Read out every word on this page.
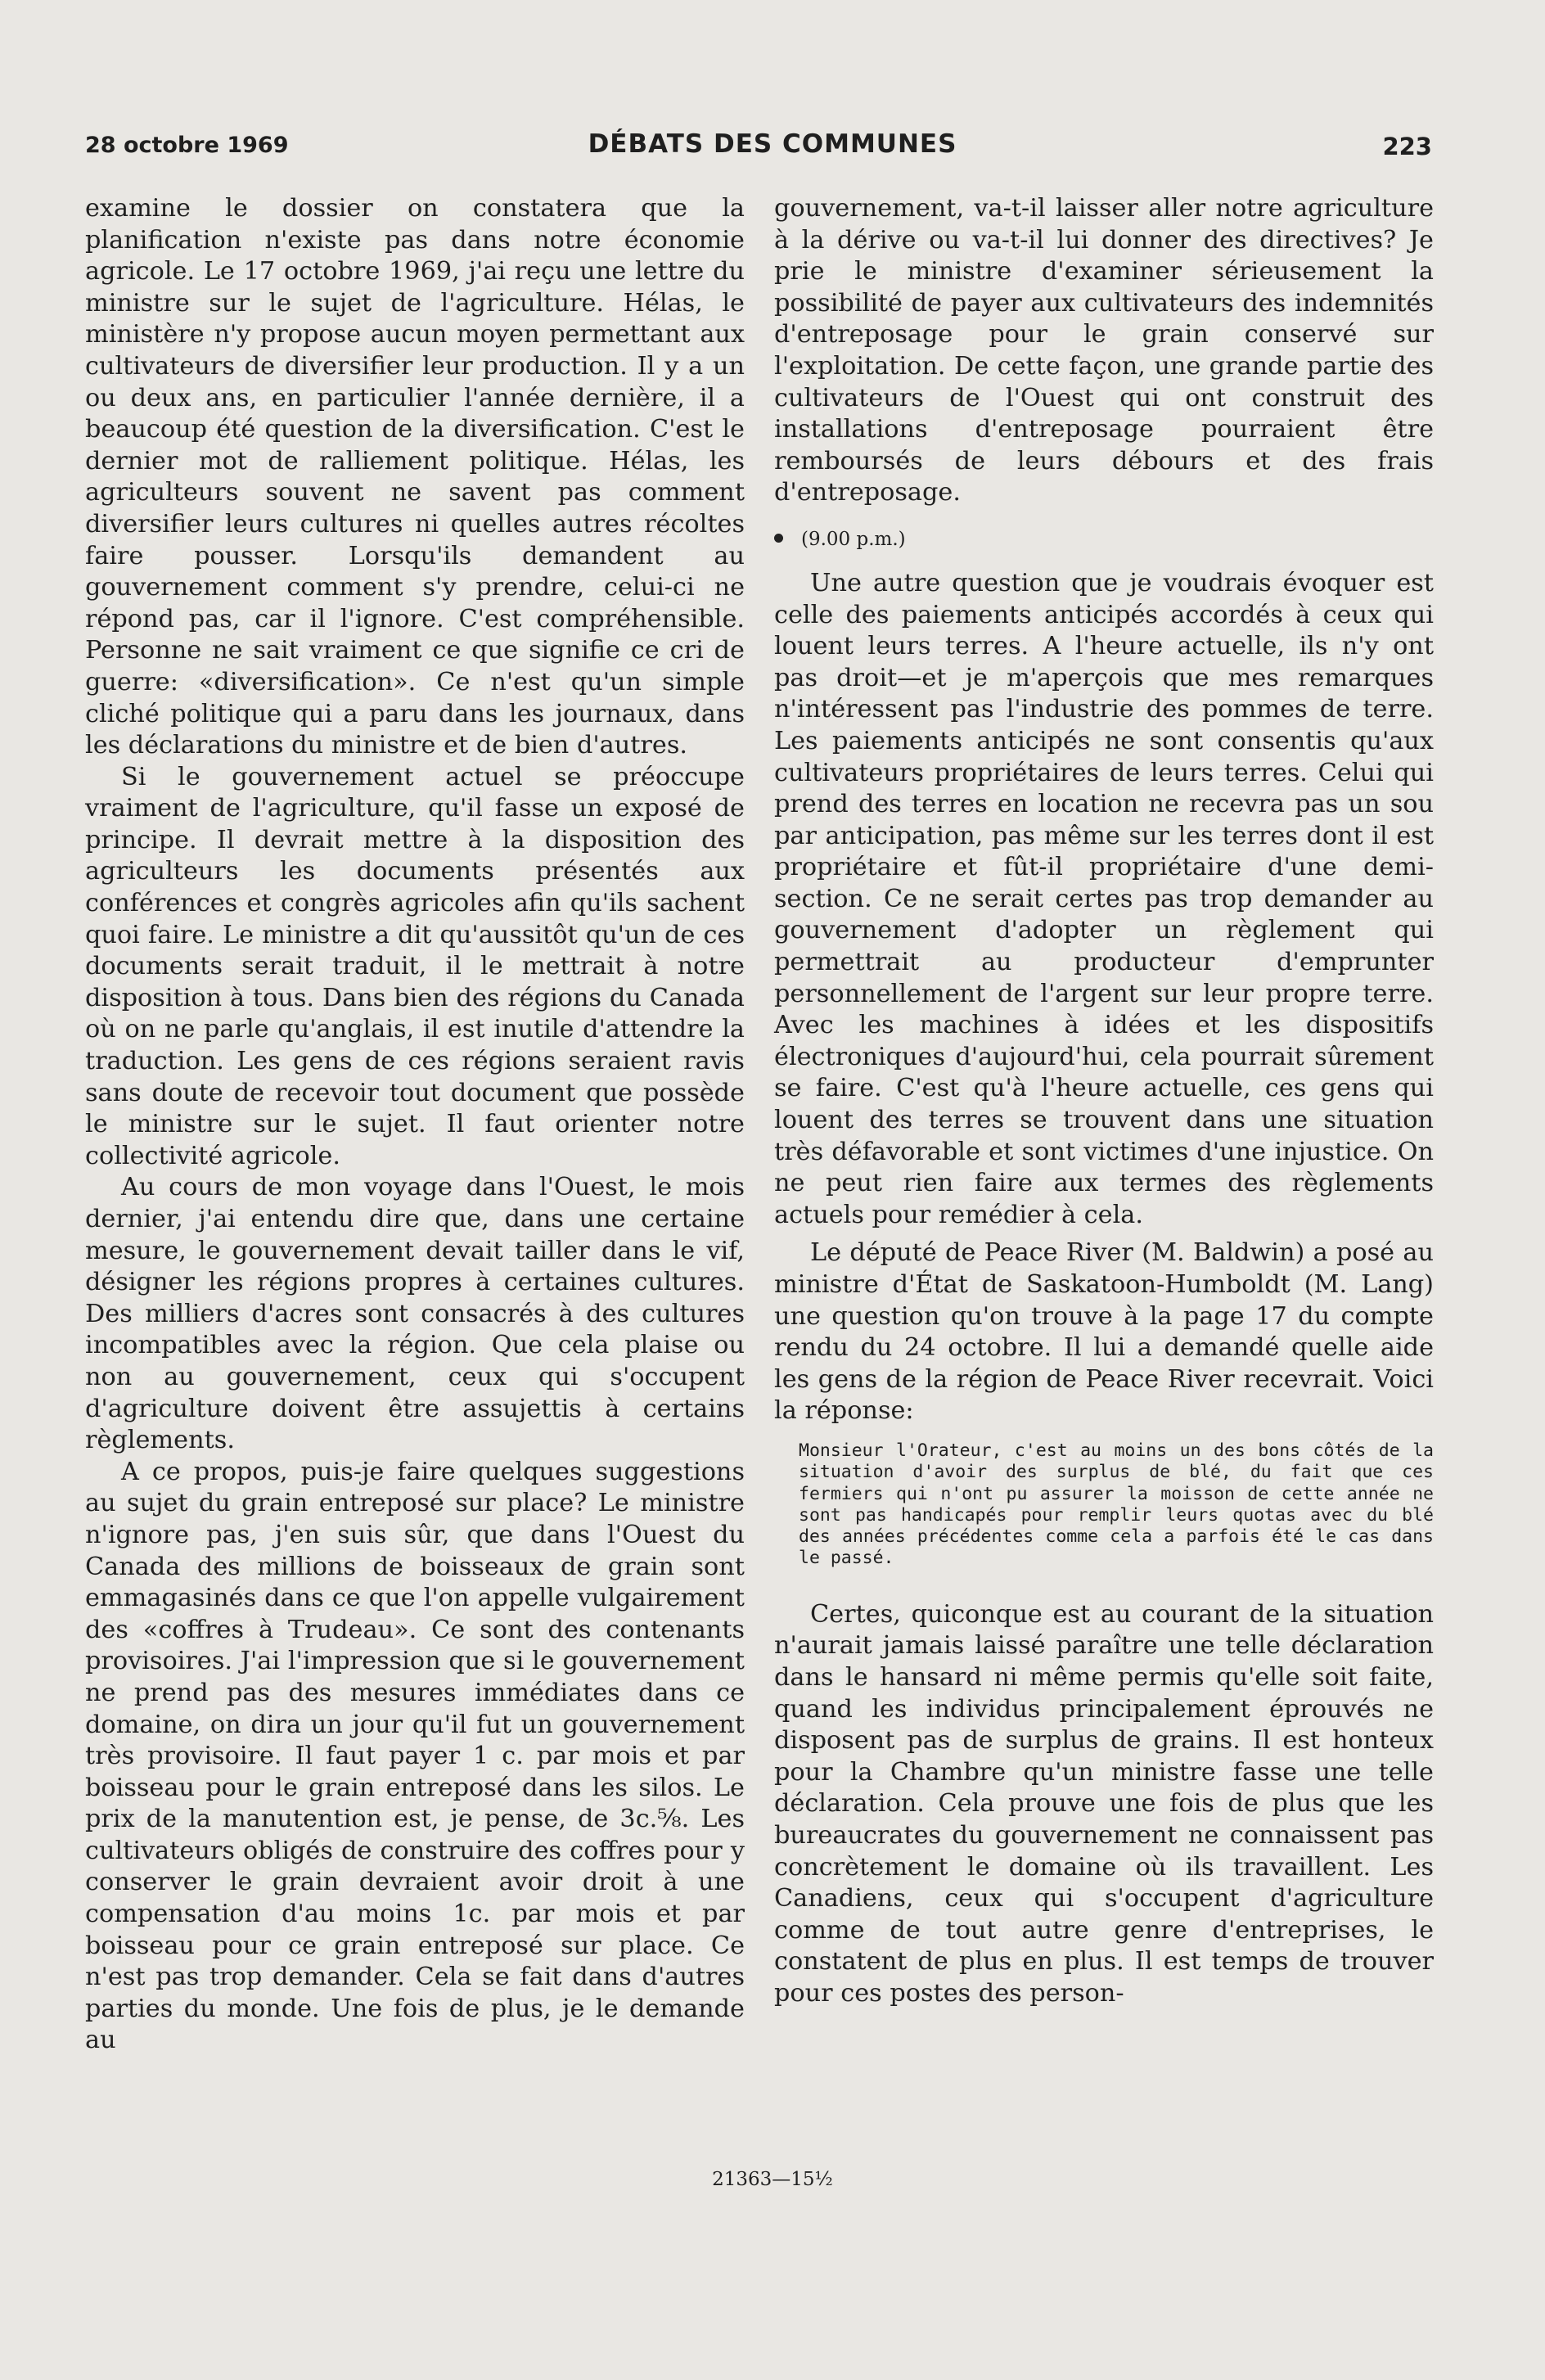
28 octobre 1969	DÉBATS DES COMMUNES	223

examine le dossier on constatera que la planification n'existe pas dans notre économie agricole. Le 17 octobre 1969, j'ai reçu une lettre du ministre sur le sujet de l'agriculture. Hélas, le ministère n'y propose aucun moyen permettant aux cultivateurs de diversifier leur production. Il y a un ou deux ans, en particulier l'année dernière, il a beaucoup été question de la diversification. C'est le dernier mot de ralliement politique. Hélas, les agriculteurs souvent ne savent pas comment diversifier leurs cultures ni quelles autres récoltes faire pousser. Lorsqu'ils demandent au gouvernement comment s'y prendre, celui-ci ne répond pas, car il l'ignore. C'est compréhensible. Personne ne sait vraiment ce que signifie ce cri de guerre: «diversification». Ce n'est qu'un simple cliché politique qui a paru dans les journaux, dans les déclarations du ministre et de bien d'autres.

Si le gouvernement actuel se préoccupe vraiment de l'agriculture, qu'il fasse un exposé de principe. Il devrait mettre à la disposition des agriculteurs les documents présentés aux conférences et congrès agricoles afin qu'ils sachent quoi faire. Le ministre a dit qu'aussitôt qu'un de ces documents serait traduit, il le mettrait à notre disposition à tous. Dans bien des régions du Canada où on ne parle qu'anglais, il est inutile d'attendre la traduction. Les gens de ces régions seraient ravis sans doute de recevoir tout document que possède le ministre sur le sujet. Il faut orienter notre collectivité agricole.

Au cours de mon voyage dans l'Ouest, le mois dernier, j'ai entendu dire que, dans une certaine mesure, le gouvernement devait tailler dans le vif, désigner les régions propres à certaines cultures. Des milliers d'acres sont consacrés à des cultures incompatibles avec la région. Que cela plaise ou non au gouvernement, ceux qui s'occupent d'agriculture doivent être assujettis à certains règlements.

A ce propos, puis-je faire quelques suggestions au sujet du grain entreposé sur place? Le ministre n'ignore pas, j'en suis sûr, que dans l'Ouest du Canada des millions de boisseaux de grain sont emmagasinés dans ce que l'on appelle vulgairement des «coffres à Trudeau». Ce sont des contenants provisoires. J'ai l'impression que si le gouvernement ne prend pas des mesures immédiates dans ce domaine, on dira un jour qu'il fut un gouvernement très provisoire. Il faut payer 1 c. par mois et par boisseau pour le grain entreposé dans les silos. Le prix de la manutention est, je pense, de 3c.⅝. Les cultivateurs obligés de construire des coffres pour y conserver le grain devraient avoir droit à une compensation d'au moins 1c. par mois et par boisseau pour ce grain entreposé sur place. Ce n'est pas trop demander. Cela se fait dans d'autres parties du monde. Une fois de plus, je le demande au

gouvernement, va-t-il laisser aller notre agriculture à la dérive ou va-t-il lui donner des directives? Je prie le ministre d'examiner sérieusement la possibilité de payer aux cultivateurs des indemnités d'entreposage pour le grain conservé sur l'exploitation. De cette façon, une grande partie des cultivateurs de l'Ouest qui ont construit des installations d'entreposage pourraient être remboursés de leurs débours et des frais d'entreposage.

(9.00 p.m.)

Une autre question que je voudrais évoquer est celle des paiements anticipés accordés à ceux qui louent leurs terres. A l'heure actuelle, ils n'y ont pas droit—et je m'aperçois que mes remarques n'intéressent pas l'industrie des pommes de terre. Les paiements anticipés ne sont consentis qu'aux cultivateurs propriétaires de leurs terres. Celui qui prend des terres en location ne recevra pas un sou par anticipation, pas même sur les terres dont il est propriétaire et fût-il propriétaire d'une demi-section. Ce ne serait certes pas trop demander au gouvernement d'adopter un règlement qui permettrait au producteur d'emprunter personnellement de l'argent sur leur propre terre. Avec les machines à idées et les dispositifs électroniques d'aujourd'hui, cela pourrait sûrement se faire. C'est qu'à l'heure actuelle, ces gens qui louent des terres se trouvent dans une situation très défavorable et sont victimes d'une injustice. On ne peut rien faire aux termes des règlements actuels pour remédier à cela.

Le député de Peace River (M. Baldwin) a posé au ministre d'État de Saskatoon-Humboldt (M. Lang) une question qu'on trouve à la page 17 du compte rendu du 24 octobre. Il lui a demandé quelle aide les gens de la région de Peace River recevrait. Voici la réponse:

Monsieur l'Orateur, c'est au moins un des bons côtés de la situation d'avoir des surplus de blé, du fait que ces fermiers qui n'ont pu assurer la moisson de cette année ne sont pas handicapés pour remplir leurs quotas avec du blé des années précédentes comme cela a parfois été le cas dans le passé.

Certes, quiconque est au courant de la situation n'aurait jamais laissé paraître une telle déclaration dans le hansard ni même permis qu'elle soit faite, quand les individus principalement éprouvés ne disposent pas de surplus de grains. Il est honteux pour la Chambre qu'un ministre fasse une telle déclaration. Cela prouve une fois de plus que les bureaucrates du gouvernement ne connaissent pas concrètement le domaine où ils travaillent. Les Canadiens, ceux qui s'occupent d'agriculture comme de tout autre genre d'entreprises, le constatent de plus en plus. Il est temps de trouver pour ces postes des person-

21363—15½
